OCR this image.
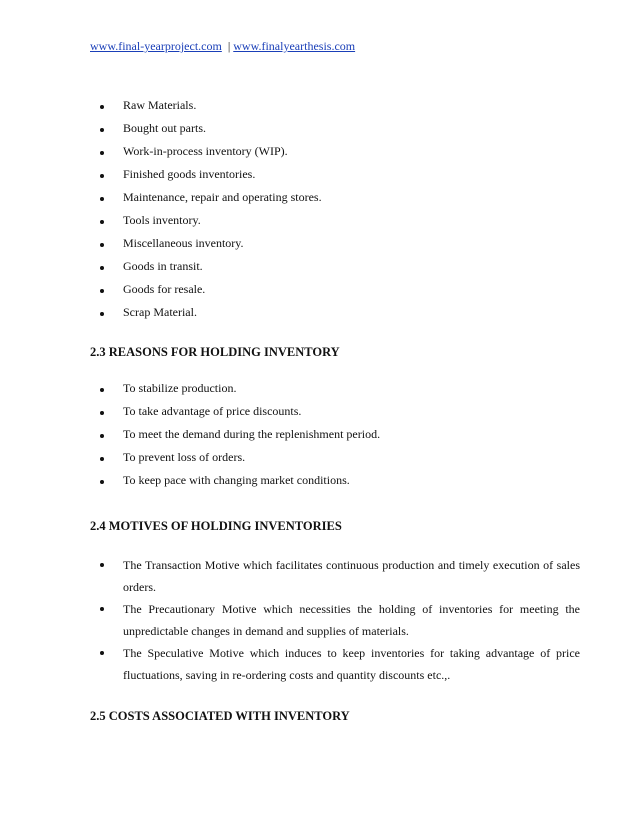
www.final-yearproject.com | www.finalyearthesis.com
Raw Materials.
Bought out parts.
Work-in-process inventory (WIP).
Finished goods inventories.
Maintenance, repair and operating stores.
Tools inventory.
Miscellaneous inventory.
Goods in transit.
Goods for resale.
Scrap Material.
2.3 REASONS FOR HOLDING INVENTORY
To stabilize production.
To take advantage of price discounts.
To meet the demand during the replenishment period.
To prevent loss of orders.
To keep pace with changing market conditions.
2.4 MOTIVES OF HOLDING INVENTORIES
The Transaction Motive which facilitates continuous production and timely execution of sales orders.
The Precautionary Motive which necessities the holding of inventories for meeting the unpredictable changes in demand and supplies of materials.
The Speculative Motive which induces to keep inventories for taking advantage of price fluctuations, saving in re-ordering costs and quantity discounts etc.,.
2.5 COSTS ASSOCIATED WITH INVENTORY
